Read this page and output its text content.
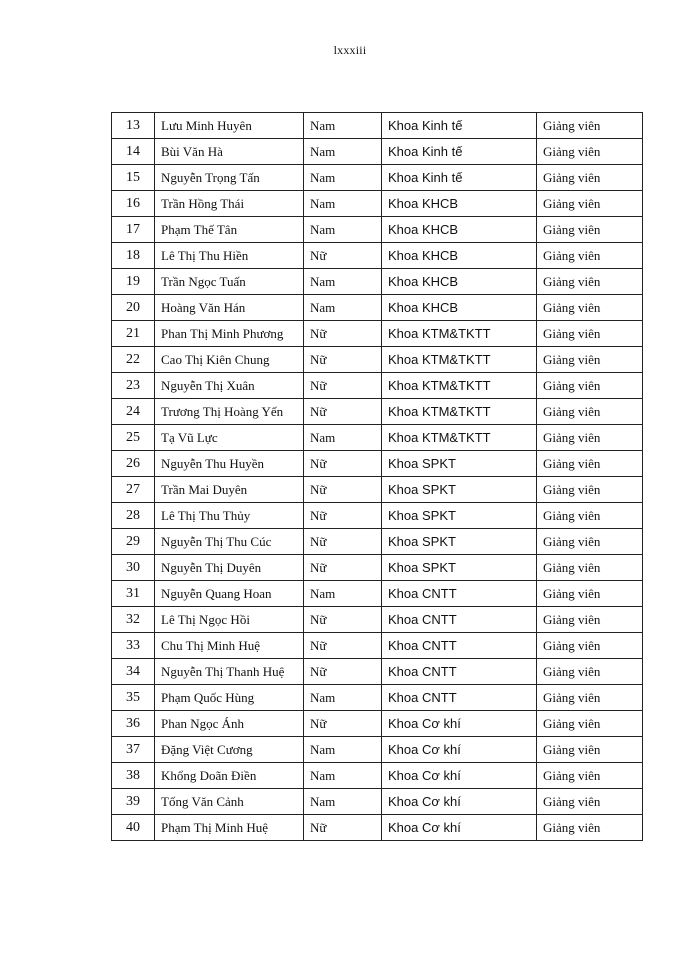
lxxxiii
13	Lưu Minh Huyên	Nam	Khoa Kinh tế	Giảng viên
14	Bùi Văn Hà	Nam	Khoa Kinh tế	Giảng viên
15	Nguyễn Trọng Tấn	Nam	Khoa Kinh tế	Giảng viên
16	Trần Hồng Thái	Nam	Khoa KHCB	Giảng viên
17	Phạm Thế Tân	Nam	Khoa KHCB	Giảng viên
18	Lê Thị Thu Hiền	Nữ	Khoa KHCB	Giảng viên
19	Trần Ngọc Tuấn	Nam	Khoa KHCB	Giảng viên
20	Hoàng Văn Hán	Nam	Khoa KHCB	Giảng viên
21	Phan Thị Minh Phương	Nữ	Khoa KTM&TKTT	Giảng viên
22	Cao Thị Kiên Chung	Nữ	Khoa KTM&TKTT	Giảng viên
23	Nguyễn Thị Xuân	Nữ	Khoa KTM&TKTT	Giảng viên
24	Trương Thị Hoàng Yến	Nữ	Khoa KTM&TKTT	Giảng viên
25	Tạ Vũ Lực	Nam	Khoa KTM&TKTT	Giảng viên
26	Nguyễn Thu Huyền	Nữ	Khoa SPKT	Giảng viên
27	Trần Mai Duyên	Nữ	Khoa SPKT	Giảng viên
28	Lê Thị Thu Thủy	Nữ	Khoa SPKT	Giảng viên
29	Nguyễn Thị Thu Cúc	Nữ	Khoa SPKT	Giảng viên
30	Nguyễn Thị Duyên	Nữ	Khoa SPKT	Giảng viên
31	Nguyễn Quang Hoan	Nam	Khoa CNTT	Giảng viên
32	Lê Thị Ngọc Hồi	Nữ	Khoa CNTT	Giảng viên
33	Chu Thị Minh Huệ	Nữ	Khoa CNTT	Giảng viên
34	Nguyễn Thị Thanh Huệ	Nữ	Khoa CNTT	Giảng viên
35	Phạm Quốc Hùng	Nam	Khoa CNTT	Giảng viên
36	Phan Ngọc Ánh	Nữ	Khoa Cơ khí	Giảng viên
37	Đặng Việt Cương	Nam	Khoa Cơ khí	Giảng viên
38	Khổng Doãn Điền	Nam	Khoa Cơ khí	Giảng viên
39	Tống Văn Cảnh	Nam	Khoa Cơ khí	Giảng viên
40	Phạm Thị Minh Huệ	Nữ	Khoa Cơ khí	Giảng viên
